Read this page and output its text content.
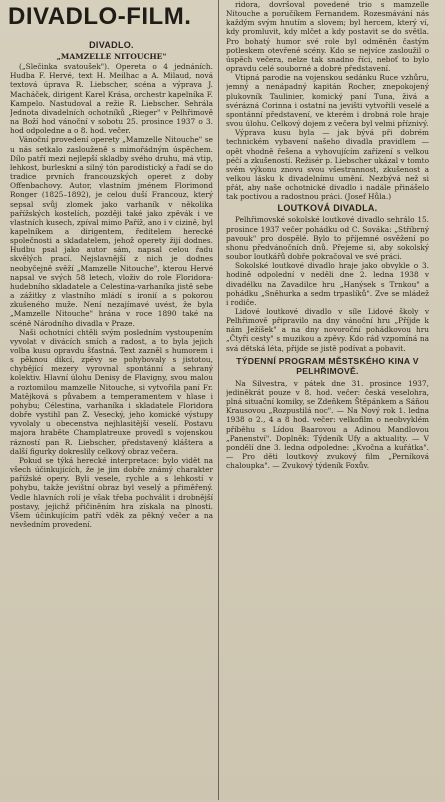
DIVADLO-FILM.
DIVADLO.

„MAMZELLE NITOUCHE"

(„Slečinka svatoušek"). Opereta o 4 jednáních. Hudba F. Hervé, text H. Meilhac a A. Milaud, nová textová úprava R. Liebscher, scéna a výprava J. Macháček, dirigent Karel Krása, orchestr kapelníka F. Kampelo. Nastudoval a režie R. Liebscher. Sehrála Jednota divadelních ochotníků „Rieger" v Pelhřimově na Boží hod vánoční v sobotu 25. prosince 1937 o 3. hod odpoledne a o 8. hod. večer.

Vánoční provedení operety „Mamzelle Nitouche" se u nás setkalo zaslouženě s mimořádným úspěchem. Dílo patří mezi nejlepší skladby svého druhu, má vtip, lehkost, burleskní a silný tón parodistický a řadí se do tradice prvních francouzských operet z doby Offenbachovy. Autor, vlastním jménem Florimond Ronger (1825–1892), je celou duší Francouz, který sepsal svůj zlomek jako varhaník v několika pařížských kostelích, později také jako zpěvák i ve vlastních kusech, zpíval mimo Paříž, ano i v cizině, byl kapelníkem a dirigentem, ředitelem herecké společnosti a skladatelem, jehož operety žijí dodnes. Hudbu psal jako autor sám, napsal celou řadu skvělých prací. Nejslavnější z nich je dodnes neobyčejně svěží „Mamzelle Nitouche", kterou Hervé napsal ve svých 58 letech, vloživ do role Floridora-hudebního skladatele a Celestina-varhaníka jistě sebe a zážitky z vlastního mládí s ironií a s pokorou zkušeného muže. Není nezajímavé uvést, že byla „Mamzelle Nitouche" hrána v roce 1890 také na scéně Národního divadla v Praze.

Naši ochotníci chtěli svým posledním vystoupením vyvolat v divácích smích a radost, a to byla jejich volba kusu opravdu šťastná. Text zazněl s humorem i s pěknou dikcí, zpěvy se pohybovaly s jistotou, chybějící mezery vyrovnal spontánní a sehraný kolektiv. Hlavní úlohu Denisy de Flavigny, svou malou a roztomilou mamzelle Nitouche, si vytvořila paní Fr. Matějková s půvabem a temperamentem v hlase i pohybu; Célestina, varhaníka i skladatele Floridora dobře vystihl pan Z. Vesecký, jeho komické výstupy vyvolaly u obecenstva nejhlasitější veselí. Postavu majora hraběte Champlatreuxe provedl s vojenskou rázností pan R. Liebscher, představený kláštera a další figurky dokreslily celkový obraz večera.

Pokud se týká herecké interpretace: bylo vidět na všech účinkujících, že je jim dobře známý charakter pařížské opery. Byli vesele, rychle a s lehkostí v pohybu, takže jevištní obraz byl veselý a přiměřený. Vedle hlavních rolí je však třeba pochválit i drobnější postavy, jejichž přičiněním hra získala na plnosti. Všem účinkujícím patří vděk za pěkný večer a na nevšedním provedení.

ridora, dovršoval povedené trio s mamzelle Nitouche a poručíkem Fernandem. Rozesmávání nás každým svým hnutím a slovem; byl hercem, který ví, kdy promluvit, kdy mlčet a kdy postavit se do světla. Pro bohatý humor své role byl odměněn častým potleskem otevřené scény. Kdo se nejvíce zasloužil o úspěch večera, nelze tak snadno říci, neboť to bylo opravdu celé souborné a dobré představení.

Vtipná parodie na vojenskou sedánku Ruce vzhůru, jemný a nenápadný kapitán Rocher, znepokojený plukovník Taulinier, komický paní Tuna, živá a svérázná Corinna i ostatní na jevišti vytvořili veselé a spontánní představení, ve kterém i drobná role hraje svou úlohu. Celkový dojem z večera byl velmi příznivý.

Výprava kusu byla — jak bývá při dobrém technickém vybavení našeho divadla pravidlem — opět vhodně řešena a vyhovujícím zařízení s velkou péčí a zkušeností. Režisér p. Liebscher ukázal v tomto svém výkonu znovu svou všestrannost, zkušenost a velkou lásku k divadelnímu umění. Nezbývá než si přát, aby naše ochotnické divadlo i nadále přinášelo tak poctivou a radostnou práci. (Josef Hůla.)

LOUTKOVÁ DIVADLA.

Pelhřimovské sokolské loutkové divadlo sehrálo 15. prosince 1937 večer pohádku od C. Sováka: „Stříbrný pavouk" pro dospělé. Bylo to příjemné osvěžení po shonu předvánočních dnů. Přejeme si, aby sokolský soubor loutkářů dobře pokračoval ve své práci.

Sokolské loutkové divadlo hraje jako obvykle o 3. hodině odpolední v neděli dne 2. ledna 1938 v divadélku na Zavadilce hru „Hanýsek s Trnkou" a pohádku „Sněhurka a sedm trpaslíků". Zve se mládež i rodiče.

Lidové loutkové divadlo v síle Lidové školy v Pelhřimově připravilo na dny vánoční hru „Příjde k nám Ježíšek" a na dny novoroční pohádkovou hru „Čtyři cesty" s muzikou a zpěvy. Kdo rád vzpomíná na svá dětská léta, přijde se jistě podívat a pobavit.

TÝDENNÍ PROGRAM MĚSTSKÉHO KINA V PELHŘIMOVĚ.

Na Silvestra, v pátek dne 31. prosince 1937, jediněkrát pouze v 8. hod. večer: česká veselohra, plná situační komiky, se Zdeňkem Štěpánkem a Sáňou Krausovou „Rozpustilá noc". — Na Nový rok 1. ledna 1938 o 2., 4 a 8 hod. večer: velkofilm o neobvyklém příběhu s Lídou Baarovou a Adinou Mandlovou „Panenství". Doplněk: Týdeník Ufy a aktuality. — V pondělí dne 3. ledna odpoledne: „Kvočna a kuřátka". — Pro děti loutkový zvukový film „Perníková chaloupka". — Zvukový týdeník Foxův.
